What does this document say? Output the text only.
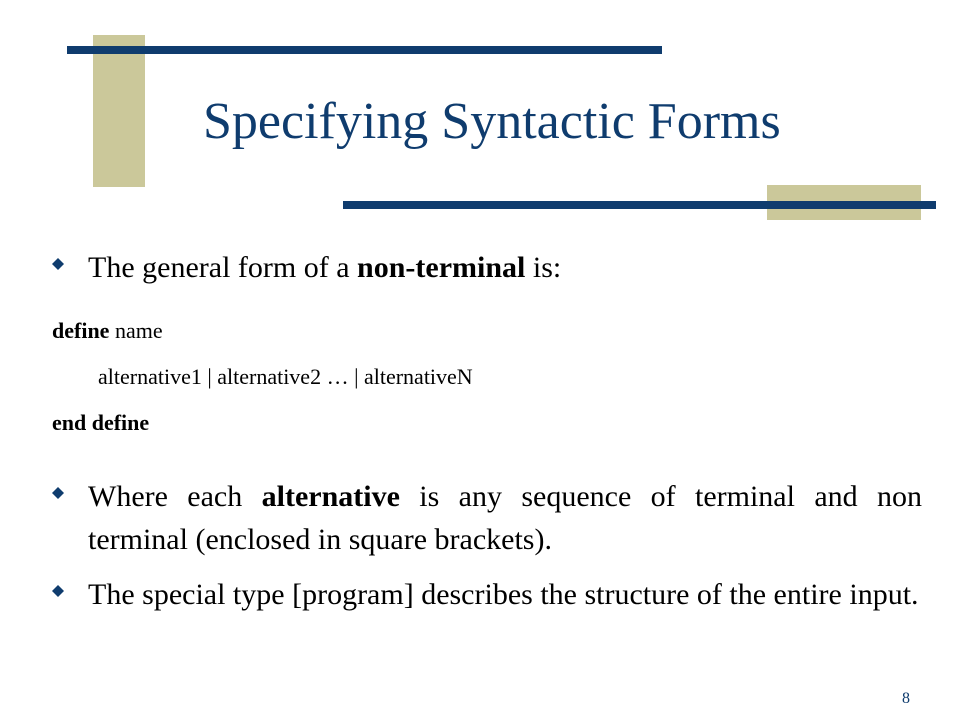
Specifying Syntactic Forms
The general form of a non-terminal is:
define name
alternative1 | alternative2 … | alternativeN
end define
Where each alternative is any sequence of terminal and non terminal (enclosed in square brackets).
The special type [program] describes the structure of the entire input.
8
